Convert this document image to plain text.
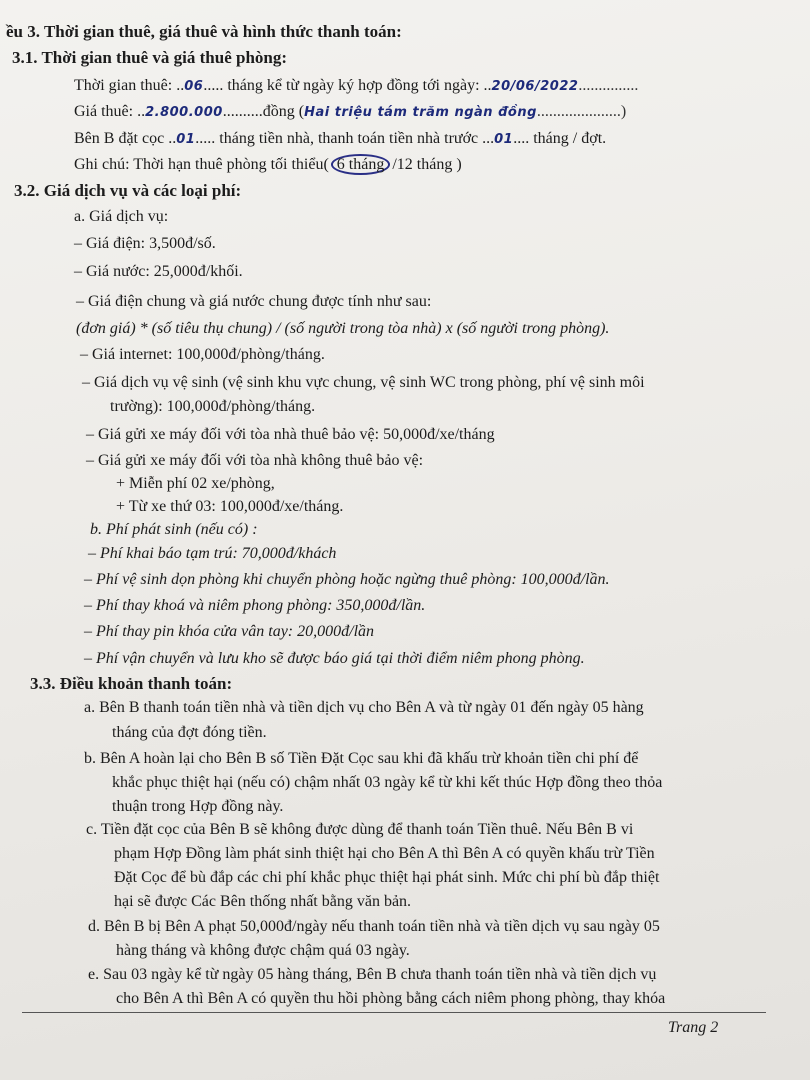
ều 3. Thời gian thuê, giá thuê và hình thức thanh toán:
3.1. Thời gian thuê và giá thuê phòng:
Thời gian thuê: ..06..... tháng kể từ ngày ký hợp đồng tới ngày: ..20/06/2022...............
Giá thuê: ..2.800.000..........đồng (Hai triệu tám trăm ngàn đồng.....................)
Bên B đặt cọc ..01..... tháng tiền nhà, thanh toán tiền nhà trước ...01.... tháng / đợt.
Ghi chú: Thời hạn thuê phòng tối thiểu( 6 tháng /12 tháng )
3.2. Giá dịch vụ và các loại phí:
a. Giá dịch vụ:
– Giá điện: 3,500đ/số.
– Giá nước: 25,000đ/khối.
– Giá điện chung và giá nước chung được tính như sau:
(đơn giá) * (số tiêu thụ chung) / (số người trong tòa nhà) x (số người trong phòng).
– Giá internet: 100,000đ/phòng/tháng.
– Giá dịch vụ vệ sinh (vệ sinh khu vực chung, vệ sinh WC trong phòng, phí vệ sinh môi
trường): 100,000đ/phòng/tháng.
– Giá gửi xe máy đối với tòa nhà thuê bảo vệ: 50,000đ/xe/tháng
– Giá gửi xe máy đối với tòa nhà không thuê bảo vệ:
+ Miễn phí 02 xe/phòng,
+ Từ xe thứ 03: 100,000đ/xe/tháng.
b. Phí phát sinh (nếu có) :
– Phí khai báo tạm trú: 70,000đ/khách
– Phí vệ sinh dọn phòng khi chuyển phòng hoặc ngừng thuê phòng: 100,000đ/lần.
– Phí thay khoá và niêm phong phòng: 350,000đ/lần.
– Phí thay pin khóa cửa vân tay: 20,000đ/lần
– Phí vận chuyển và lưu kho sẽ được báo giá tại thời điểm niêm phong phòng.
3.3. Điều khoản thanh toán:
a. Bên B thanh toán tiền nhà và tiền dịch vụ cho Bên A và từ ngày 01 đến ngày 05 hàng
tháng của đợt đóng tiền.
b. Bên A hoàn lại cho Bên B số Tiền Đặt Cọc sau khi đã khấu trừ khoản tiền chi phí để
khắc phục thiệt hại (nếu có) chậm nhất 03 ngày kể từ khi kết thúc Hợp đồng theo thỏa
thuận trong Hợp đồng này.
c. Tiền đặt cọc của Bên B sẽ không được dùng để thanh toán Tiền thuê. Nếu Bên B vi
phạm Hợp Đồng làm phát sinh thiệt hại cho Bên A thì Bên A có quyền khấu trừ Tiền
Đặt Cọc để bù đắp các chi phí khắc phục thiệt hại phát sinh. Mức chi phí bù đắp thiệt
hại sẽ được Các Bên thống nhất bằng văn bản.
d. Bên B bị Bên A phạt 50,000đ/ngày nếu thanh toán tiền nhà và tiền dịch vụ sau ngày 05
hàng tháng và không được chậm quá 03 ngày.
e. Sau 03 ngày kể từ ngày 05 hàng tháng, Bên B chưa thanh toán tiền nhà và tiền dịch vụ
cho Bên A thì Bên A có quyền thu hồi phòng bằng cách niêm phong phòng, thay khóa
Trang 2
